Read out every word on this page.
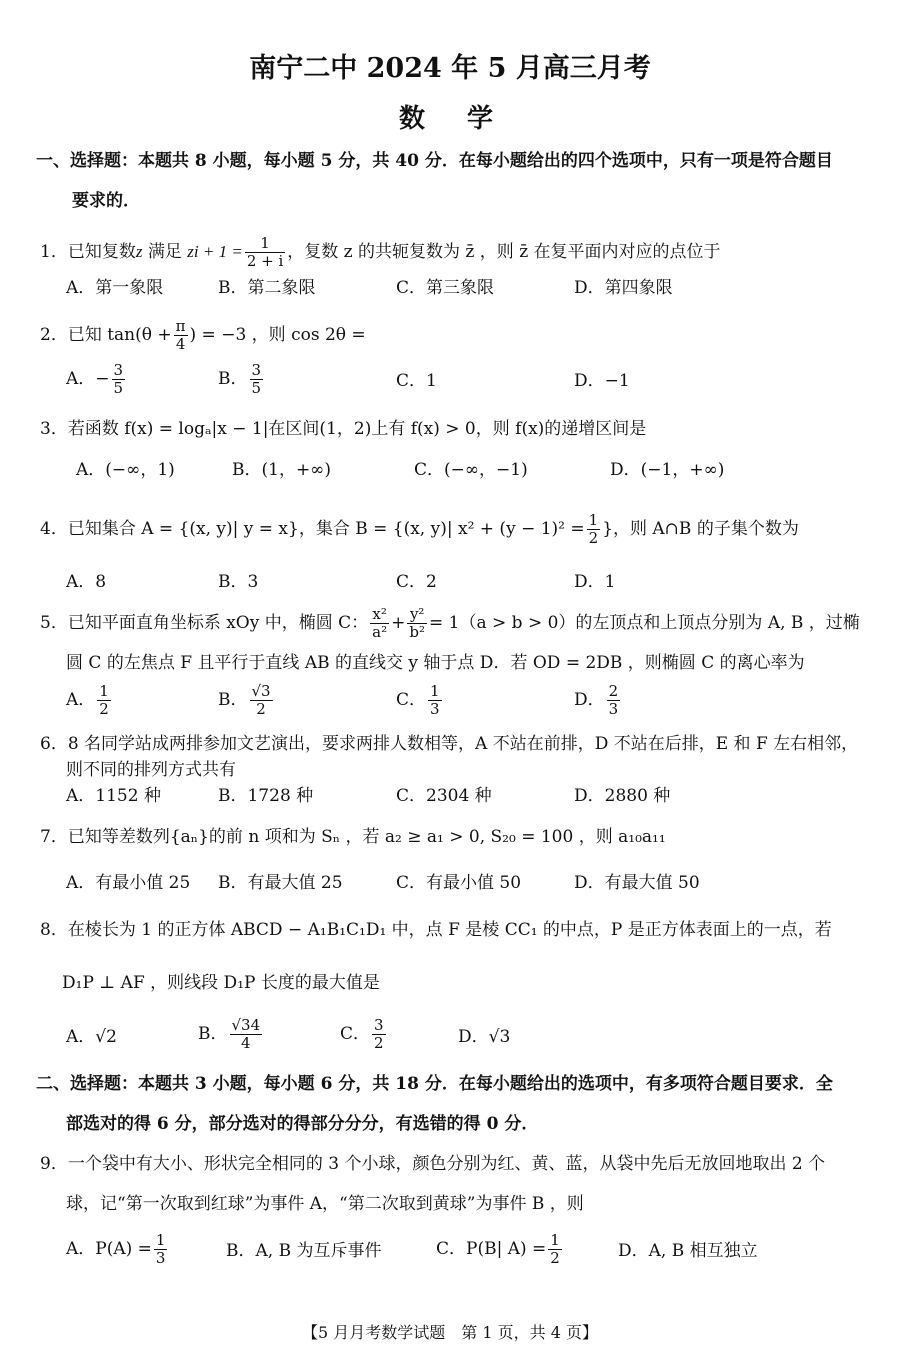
南宁二中 2024 年 5 月高三月考
数  学
一、选择题：本题共 8 小题，每小题 5 分，共 40 分．在每小题给出的四个选项中，只有一项是符合题目
要求的．
1．已知复数z 满足 zi + $1 = \frac{1}{2 + i}$ ，复数 z 的共轭复数为 z̄ ，则 z̄ 在复平面内对应的点位于
A．第一象限	B．第二象限	C．第三象限	D．第四象限
2．已知 $\tan(\theta + \frac{\pi}{4}$ ) = −3 ，则 cos 2θ =
A．− $\frac{3}{5}$	B． $\frac{3}{5}$	C．1	D．−1
3．若函数 f(x) = logₐ|x − 1|在区间(1，2)上有 f(x) > 0，则 f(x)的递增区间是
A．(−∞，1)	B．(1，+∞)	C．(−∞，−1)	D．(−1，+∞)
4．已知集合 A = {(x, y)| y = x}，集合 B = {(x, y)| $x^2 + (y - 1)^2 = \frac{1}{2}$ }，则 A∩B 的子集个数为
A．8	B．3	C．2	D．1
5．已知平面直角坐标系 xOy 中，椭圆 C： $\frac{\text{x²}}{\text{a²}} + \frac{\text{y²}}{\text{b²}} = 1(a > b > 0)$的左顶点和上顶点分别为 A, B ，过椭
圆 C 的左焦点 F 且平行于直线 AB 的直线交 y 轴于点 D．若 OD = 2DB ，则椭圆 C 的离心率为
A． $\frac{1}{2}$	B． $\frac{√3}{2}$	C． $\frac{1}{3}$	D． $\frac{2}{3}$
6．8 名同学站成两排参加文艺演出，要求两排人数相等，A 不站在前排，D 不站在后排，E 和 F 左右相邻，
则不同的排列方式共有
A．1152 种	B．1728 种	C．2304 种	D．2880 种
7．已知等差数列{aₙ}的前 n 项和为 Sₙ ，若 a₂ ≥ a₁ > 0, S₂₀ = 100 ，则 a₁₀a₁₁
A．有最小值 25 B．有最大值 25	C．有最小值 50	D．有最大值 50
8．在棱长为 1 的正方体 ABCD − A₁B₁C₁D₁ 中，点 F 是棱 CC₁ 的中点，P 是正方体表面上的一点，若
D₁P ⊥ AF ，则线段 D₁P 长度的最大值是
A．√2	B． $\frac{√34}{4}$	C． $\frac{3}{2}$	D．√3
二、选择题：本题共 3 小题，每小题 6 分，共 18 分．在每小题给出的选项中，有多项符合题目要求．全
部选对的得 6 分，部分选对的得部分分分，有选错的得 0 分．
9．一个袋中有大小、形状完全相同的 3 个小球，颜色分别为红、黄、蓝，从袋中先后无放回地取出 2 个
球，记“第一次取到红球”为事件 A，“第二次取到黄球”为事件 B ，则
A．$P(A) = \frac{1}{3}$	B．A, B 为互斥事件	C．P(B| $A) = \frac{1}{2}$	D．A, B 相互独立
【5 月月考数学试题　第 1 页，共 4 页】
